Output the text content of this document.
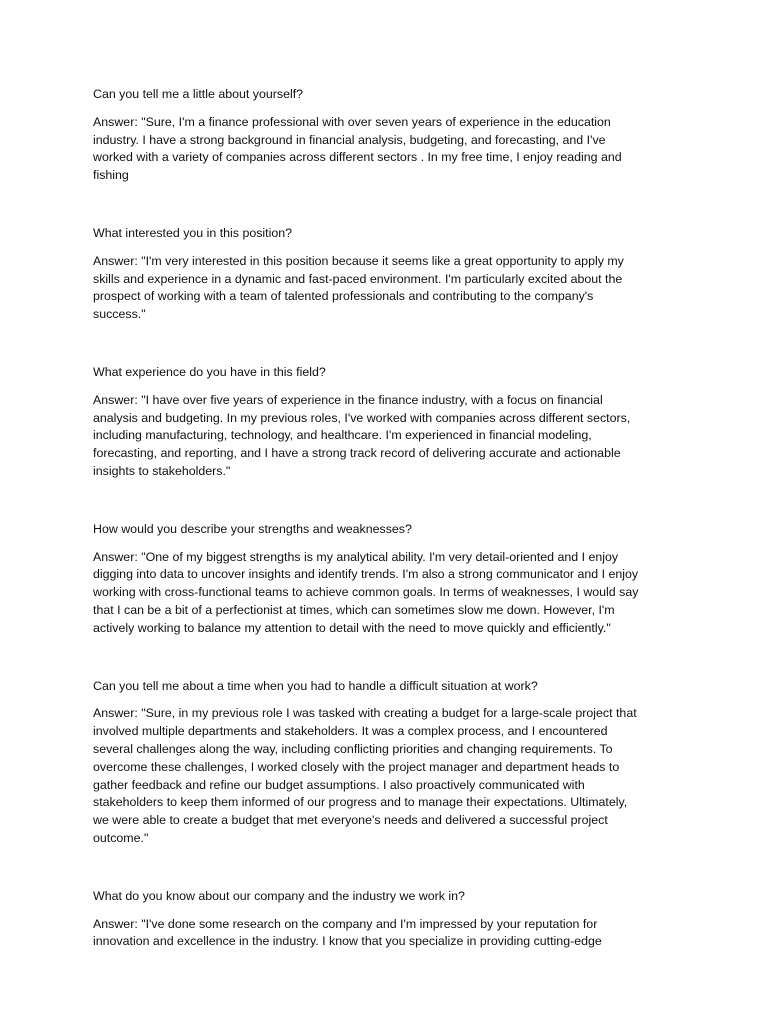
Can you tell me a little about yourself?

Answer: "Sure, I'm a finance professional with over seven years of experience in the education
industry. I have a strong background in financial analysis, budgeting, and forecasting, and I've
worked with a variety of companies across different sectors . In my free time, I enjoy reading and
fishing

What interested you in this position?

Answer: "I'm very interested in this position because it seems like a great opportunity to apply my
skills and experience in a dynamic and fast-paced environment. I'm particularly excited about the
prospect of working with a team of talented professionals and contributing to the company's
success."

What experience do you have in this field?

Answer: "I have over five years of experience in the finance industry, with a focus on financial
analysis and budgeting. In my previous roles, I've worked with companies across different sectors,
including manufacturing, technology, and healthcare. I'm experienced in financial modeling,
forecasting, and reporting, and I have a strong track record of delivering accurate and actionable
insights to stakeholders."

How would you describe your strengths and weaknesses?

Answer: "One of my biggest strengths is my analytical ability. I'm very detail-oriented and I enjoy
digging into data to uncover insights and identify trends. I'm also a strong communicator and I enjoy
working with cross-functional teams to achieve common goals. In terms of weaknesses, I would say
that I can be a bit of a perfectionist at times, which can sometimes slow me down. However, I'm
actively working to balance my attention to detail with the need to move quickly and efficiently."

Can you tell me about a time when you had to handle a difficult situation at work?

Answer: "Sure, in my previous role I was tasked with creating a budget for a large-scale project that
involved multiple departments and stakeholders. It was a complex process, and I encountered
several challenges along the way, including conflicting priorities and changing requirements. To
overcome these challenges, I worked closely with the project manager and department heads to
gather feedback and refine our budget assumptions. I also proactively communicated with
stakeholders to keep them informed of our progress and to manage their expectations. Ultimately,
we were able to create a budget that met everyone's needs and delivered a successful project
outcome."

What do you know about our company and the industry we work in?

Answer: "I've done some research on the company and I'm impressed by your reputation for
innovation and excellence in the industry. I know that you specialize in providing cutting-edge
